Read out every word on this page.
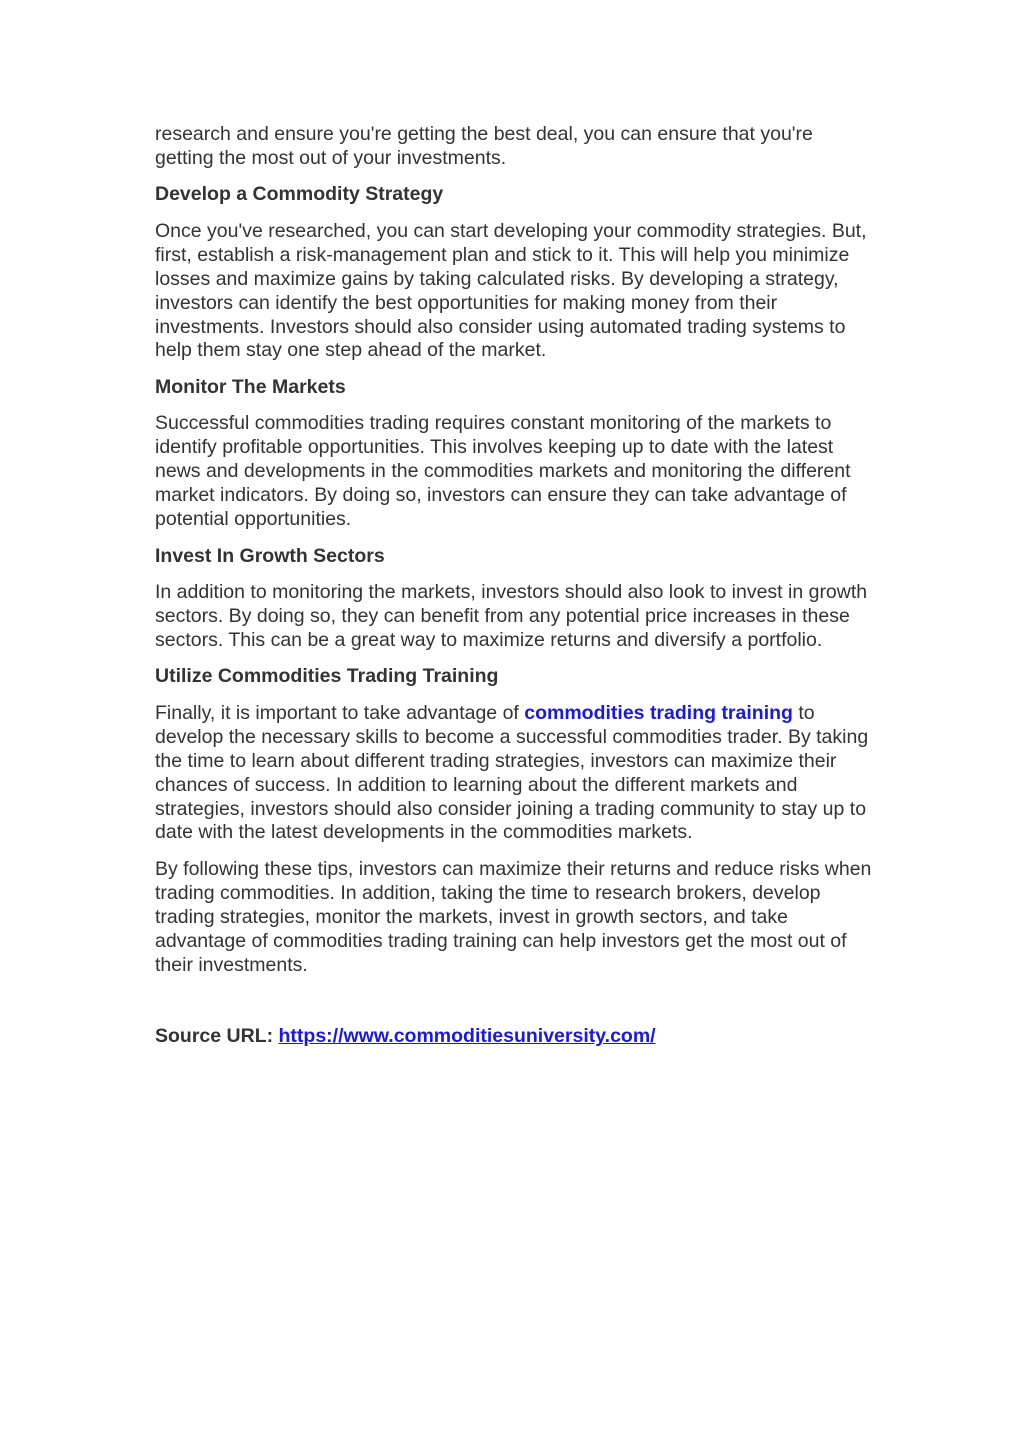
research and ensure you're getting the best deal, you can ensure that you're getting the most out of your investments.

Develop a Commodity Strategy

Once you've researched, you can start developing your commodity strategies. But, first, establish a risk-management plan and stick to it. This will help you minimize losses and maximize gains by taking calculated risks. By developing a strategy, investors can identify the best opportunities for making money from their investments. Investors should also consider using automated trading systems to help them stay one step ahead of the market.

Monitor The Markets

Successful commodities trading requires constant monitoring of the markets to identify profitable opportunities. This involves keeping up to date with the latest news and developments in the commodities markets and monitoring the different market indicators. By doing so, investors can ensure they can take advantage of potential opportunities.

Invest In Growth Sectors

In addition to monitoring the markets, investors should also look to invest in growth sectors. By doing so, they can benefit from any potential price increases in these sectors. This can be a great way to maximize returns and diversify a portfolio.

Utilize Commodities Trading Training

Finally, it is important to take advantage of commodities trading training to develop the necessary skills to become a successful commodities trader. By taking the time to learn about different trading strategies, investors can maximize their chances of success. In addition to learning about the different markets and strategies, investors should also consider joining a trading community to stay up to date with the latest developments in the commodities markets.

By following these tips, investors can maximize their returns and reduce risks when trading commodities. In addition, taking the time to research brokers, develop trading strategies, monitor the markets, invest in growth sectors, and take advantage of commodities trading training can help investors get the most out of their investments.

Source URL: https://www.commoditiesuniversity.com/
